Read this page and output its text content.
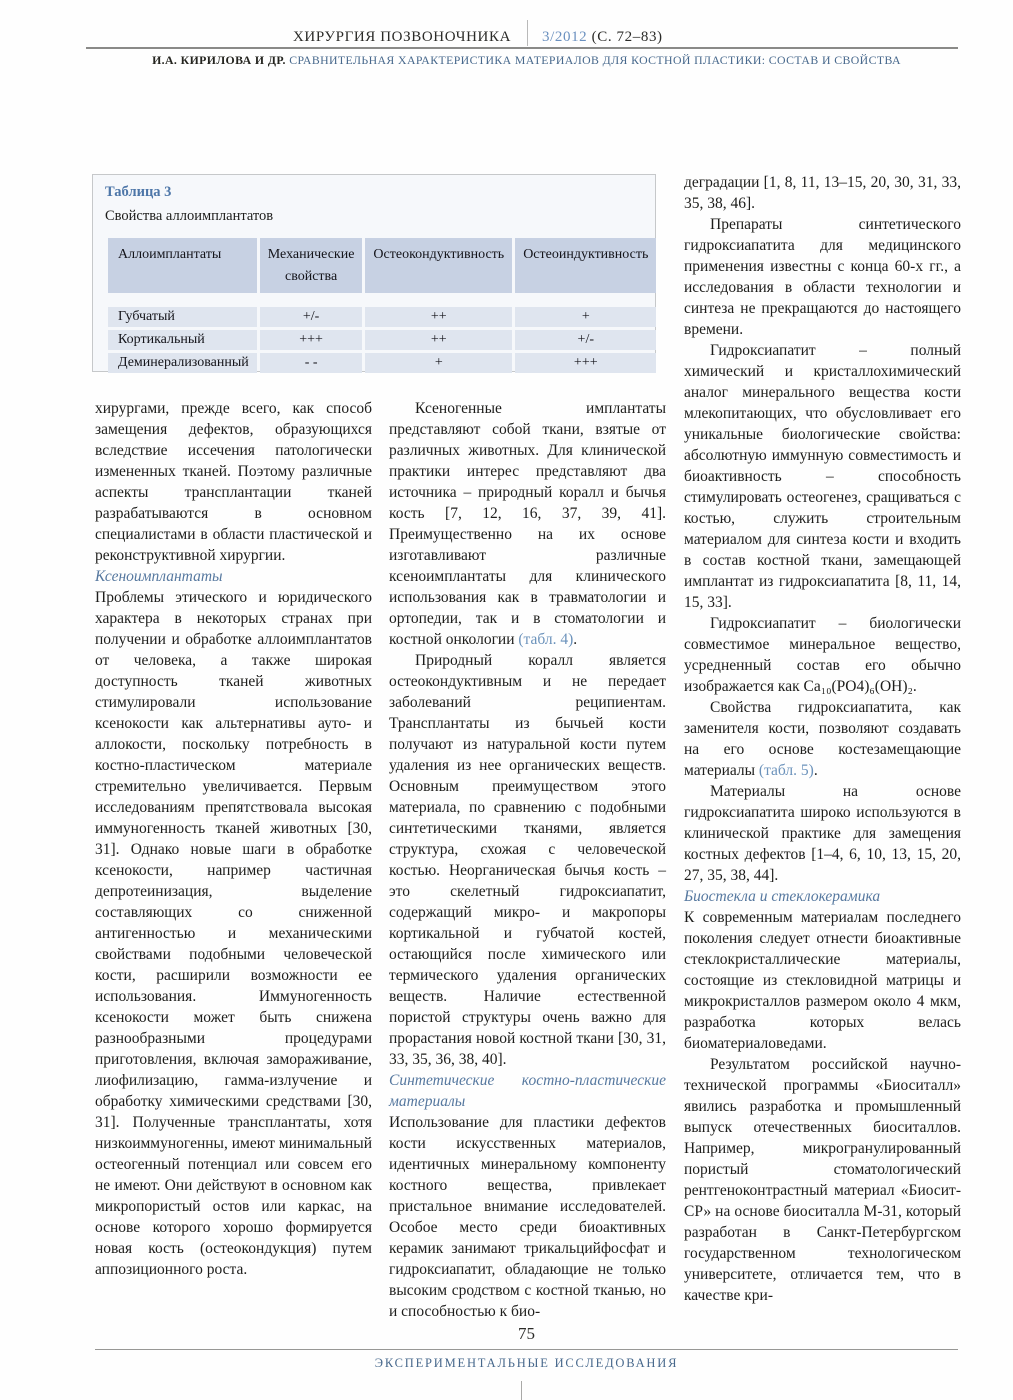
ХИРУРГИЯ ПОЗВОНОЧНИКА	3/2012 (С. 72–83)
И.А. КИРИЛОВА И ДР. СРАВНИТЕЛЬНАЯ ХАРАКТЕРИСТИКА МАТЕРИАЛОВ ДЛЯ КОСТНОЙ ПЛАСТИКИ: СОСТАВ И СВОЙСТВА
Таблица 3
Свойства аллоимплантатов
Аллоимплантаты	Механические свойства	Остеокондуктивность	Остеоиндуктивность

Губчатый	+/-	++	+
Кортикальный	+++	++	+/-
Деминерализованный	- -	+	+++

хирургами, прежде всего, как способ замещения дефектов, образующихся вследствие иссечения патологически измененных тканей. Поэтому различные аспекты трансплантации тканей разрабатываются в основном специалистами в области пластической и реконструктивной хирургии.

Ксеноимплантаты

Проблемы этического и юридического характера в некоторых странах при получении и обработке аллоимплантатов от человека, а также широкая доступность тканей животных стимулировали использование ксенокости как альтернативы ауто- и аллокости, поскольку потребность в костно-пластическом материале стремительно увеличивается. Первым исследованиям препятствовала высокая иммуногенность тканей животных [30, 31]. Однако новые шаги в обработке ксенокости, например частичная депротеинизация, выделение составляющих со сниженной антигенностью и механическими свойствами подобными человеческой кости, расширили возможности ее использования. Иммуногенность ксенокости может быть снижена разнообразными процедурами приготовления, включая замораживание, лиофилизацию, гамма-излучение и обработку химическими средствами [30, 31]. Полученные трансплантаты, хотя низкоиммуногенны, имеют минимальный остеогенный потенциал или совсем его не имеют. Они действуют в основном как микропористый остов или каркас, на основе которого хорошо формируется новая кость (остеокондукция) путем аппозиционного роста.

Ксеногенные имплантаты представляют собой ткани, взятые от различных животных. Для клинической практики интерес представляют два источника – природный коралл и бычья кость [7, 12, 16, 37, 39, 41]. Преимущественно на их основе изготавливают различные ксеноимплантаты для клинического использования как в травматологии и ортопедии, так и в стоматологии и костной онкологии (табл. 4).

Природный коралл является остеокондуктивным и не передает заболеваний реципиентам. Трансплантаты из бычьей кости получают из натуральной кости путем удаления из нее органических веществ. Основным преимуществом этого материала, по сравнению с подобными синтетическими тканями, является структура, схожая с человеческой костью. Неорганическая бычья кость – это скелетный гидроксиапатит, содержащий микро- и макропоры кортикальной и губчатой костей, остающийся после химического или термического удаления органических веществ. Наличие естественной пористой структуры очень важно для прорастания новой костной ткани [30, 31, 33, 35, 36, 38, 40].

Синтетические костно-пластические материалы

Использование для пластики дефектов кости искусственных материалов, идентичных минеральному компоненту костного вещества, привлекает пристальное внимание исследователей. Особое место среди биоактивных керамик занимают трикальцийфосфат и гидроксиапатит, обладающие не только высоким сродством с костной тканью, но и способностью к био-

деградации [1, 8, 11, 13–15, 20, 30, 31, 33, 35, 38, 46].

Препараты синтетического гидроксиапатита для медицинского применения известны с конца 60-х гг., а исследования в области технологии и синтеза не прекращаются до настоящего времени.

Гидроксиапатит – полный химический и кристаллохимический аналог минерального вещества кости млекопитающих, что обусловливает его уникальные биологические свойства: абсолютную иммунную совместимость и биоактивность – способность стимулировать остеогенез, сращиваться с костью, служить строительным материалом для синтеза кости и входить в состав костной ткани, замещающей имплантат из гидроксиапатита [8, 11, 14, 15, 33].

Гидроксиапатит – биологически совместимое минеральное вещество, усредненный состав его обычно изображается как Ca₁₀(PO4)₆(OH)₂.

Свойства гидроксиапатита, как заменителя кости, позволяют создавать на его основе костезамещающие материалы (табл. 5).

Материалы на основе гидроксиапатита широко используются в клинической практике для замещения костных дефектов [1–4, 6, 10, 13, 15, 20, 27, 35, 38, 44].

Биостекла и стеклокерамика

К современным материалам последнего поколения следует отнести биоактивные стеклокристаллические материалы, состоящие из стекловидной матрицы и микрокристаллов размером около 4 мкм, разработка которых велась биоматериаловедами.

Результатом российской научно-технической программы «Биоситалл» явились разработка и промышленный выпуск отечественных биоситаллов. Например, микрогранулированный пористый стоматологический рентгеноконтрастный материал «Биосит-СР» на основе биоситалла М-31, который разработан в Санкт-Петербургском государственном технологическом университете, отличается тем, что в качестве кри-

75
ЭКСПЕРИМЕНТАЛЬНЫЕ ИССЛЕДОВАНИЯ
